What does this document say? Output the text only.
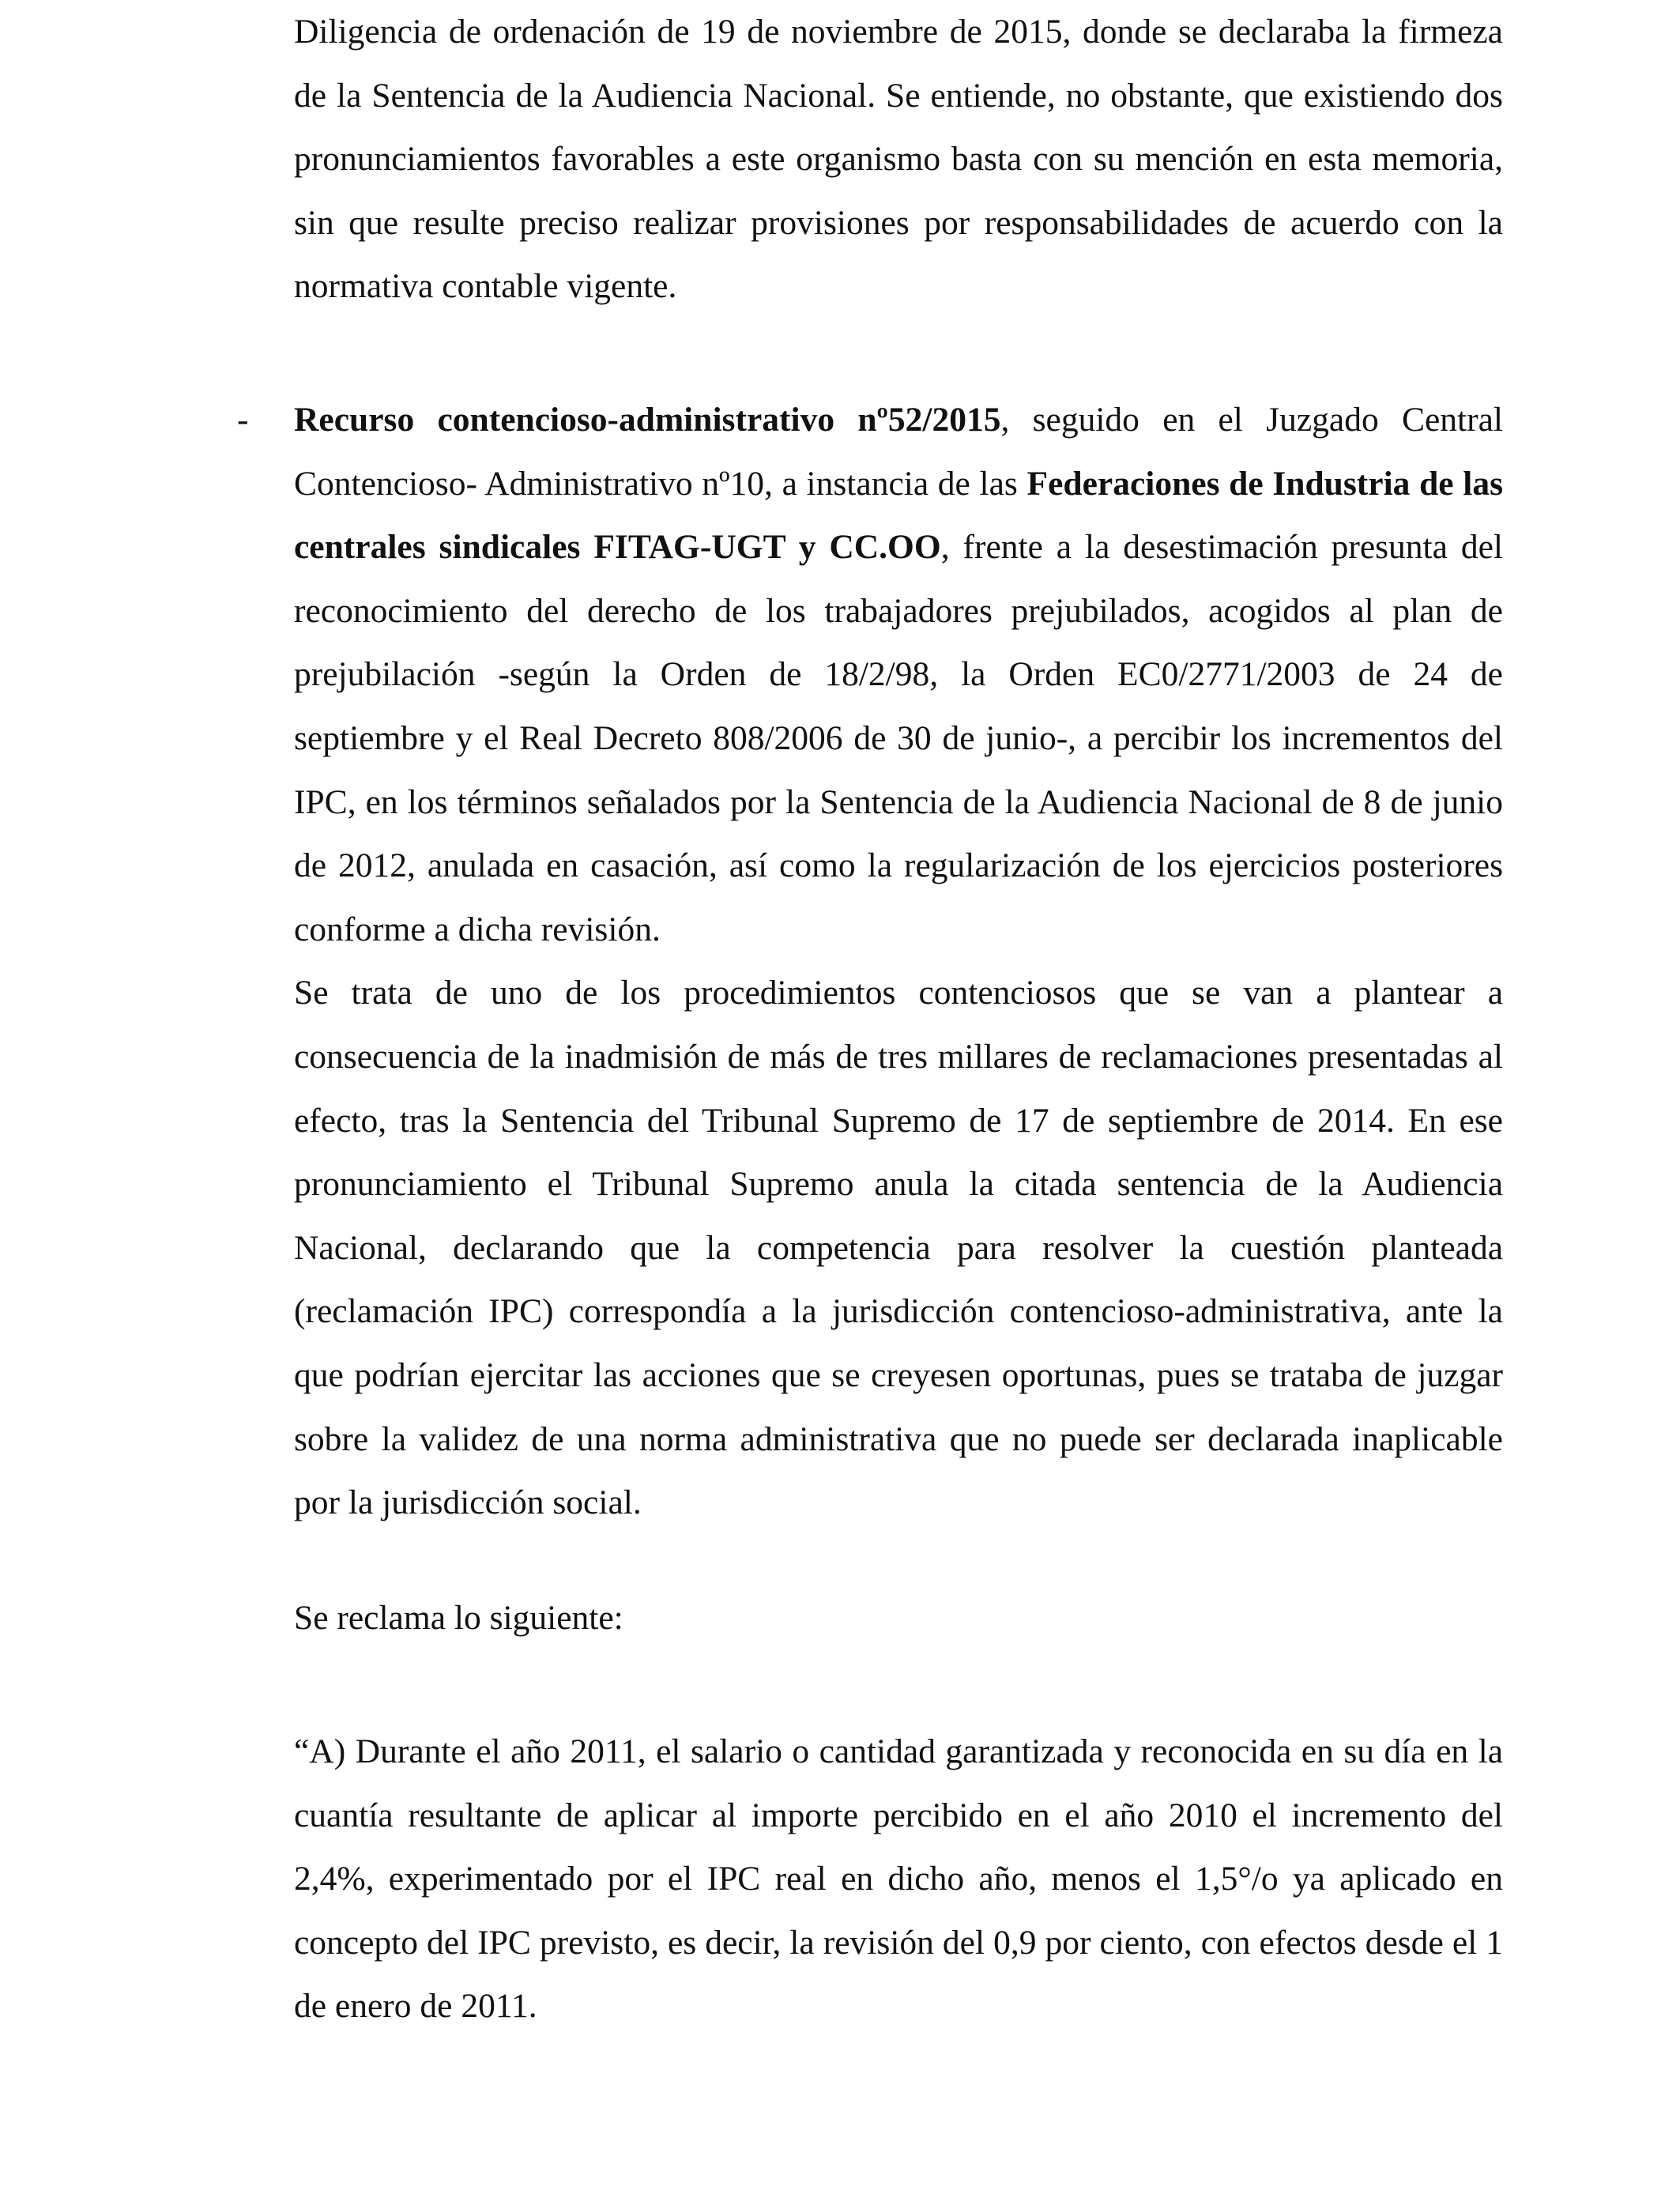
Diligencia de ordenación de 19 de noviembre de 2015, donde se declaraba la firmeza de la Sentencia de la Audiencia Nacional. Se entiende, no obstante, que existiendo dos pronunciamientos favorables a este organismo basta con su mención en esta memoria, sin que resulte preciso realizar provisiones por responsabilidades de acuerdo con la normativa contable vigente.

- Recurso contencioso-administrativo nº52/2015, seguido en el Juzgado Central Contencioso- Administrativo nº10, a instancia de las Federaciones de Industria de las centrales sindicales FITAG-UGT y CC.OO, frente a la desestimación presunta del reconocimiento del derecho de los trabajadores prejubilados, acogidos al plan de prejubilación -según la Orden de 18/2/98, la Orden EC0/2771/2003 de 24 de septiembre y el Real Decreto 808/2006 de 30 de junio-, a percibir los incrementos del IPC, en los términos señalados por la Sentencia de la Audiencia Nacional de 8 de junio de 2012, anulada en casación, así como la regularización de los ejercicios posteriores conforme a dicha revisión.

Se trata de uno de los procedimientos contenciosos que se van a plantear a consecuencia de la inadmisión de más de tres millares de reclamaciones presentadas al efecto, tras la Sentencia del Tribunal Supremo de 17 de septiembre de 2014. En ese pronunciamiento el Tribunal Supremo anula la citada sentencia de la Audiencia Nacional, declarando que la competencia para resolver la cuestión planteada (reclamación IPC) correspondía a la jurisdicción contencioso-administrativa, ante la que podrían ejercitar las acciones que se creyesen oportunas, pues se trataba de juzgar sobre la validez de una norma administrativa que no puede ser declarada inaplicable por la jurisdicción social.

Se reclama lo siguiente:

“A) Durante el año 2011, el salario o cantidad garantizada y reconocida en su día en la cuantía resultante de aplicar al importe percibido en el año 2010 el incremento del 2,4%, experimentado por el IPC real en dicho año, menos el 1,5°/o ya aplicado en concepto del IPC previsto, es decir, la revisión del 0,9 por ciento, con efectos desde el 1 de enero de 2011.
